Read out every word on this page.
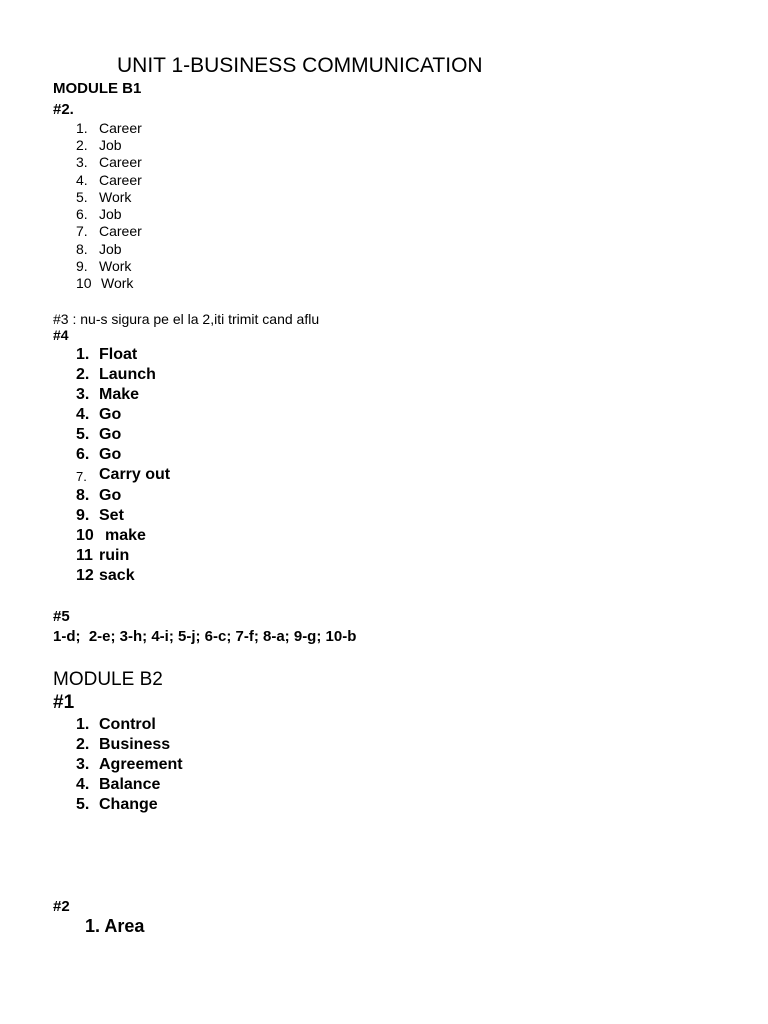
UNIT 1-BUSINESS COMMUNICATION
MODULE B1
#2.
1. Career
2. Job
3. Career
4. Career
5. Work
6. Job
7. Career
8. Job
9. Work
10 Work
#3 : nu-s sigura pe el la 2,iti trimit cand aflu
#4
1. Float
2. Launch
3. Make
4. Go
5. Go
6. Go
7. Carry out
8. Go
9. Set
10 make
11 ruin
12 sack
#5
1-d;  2-e; 3-h; 4-i; 5-j; 6-c; 7-f; 8-a; 9-g; 10-b
MODULE B2
#1
1. Control
2. Business
3. Agreement
4. Balance
5. Change
#2
1. Area
